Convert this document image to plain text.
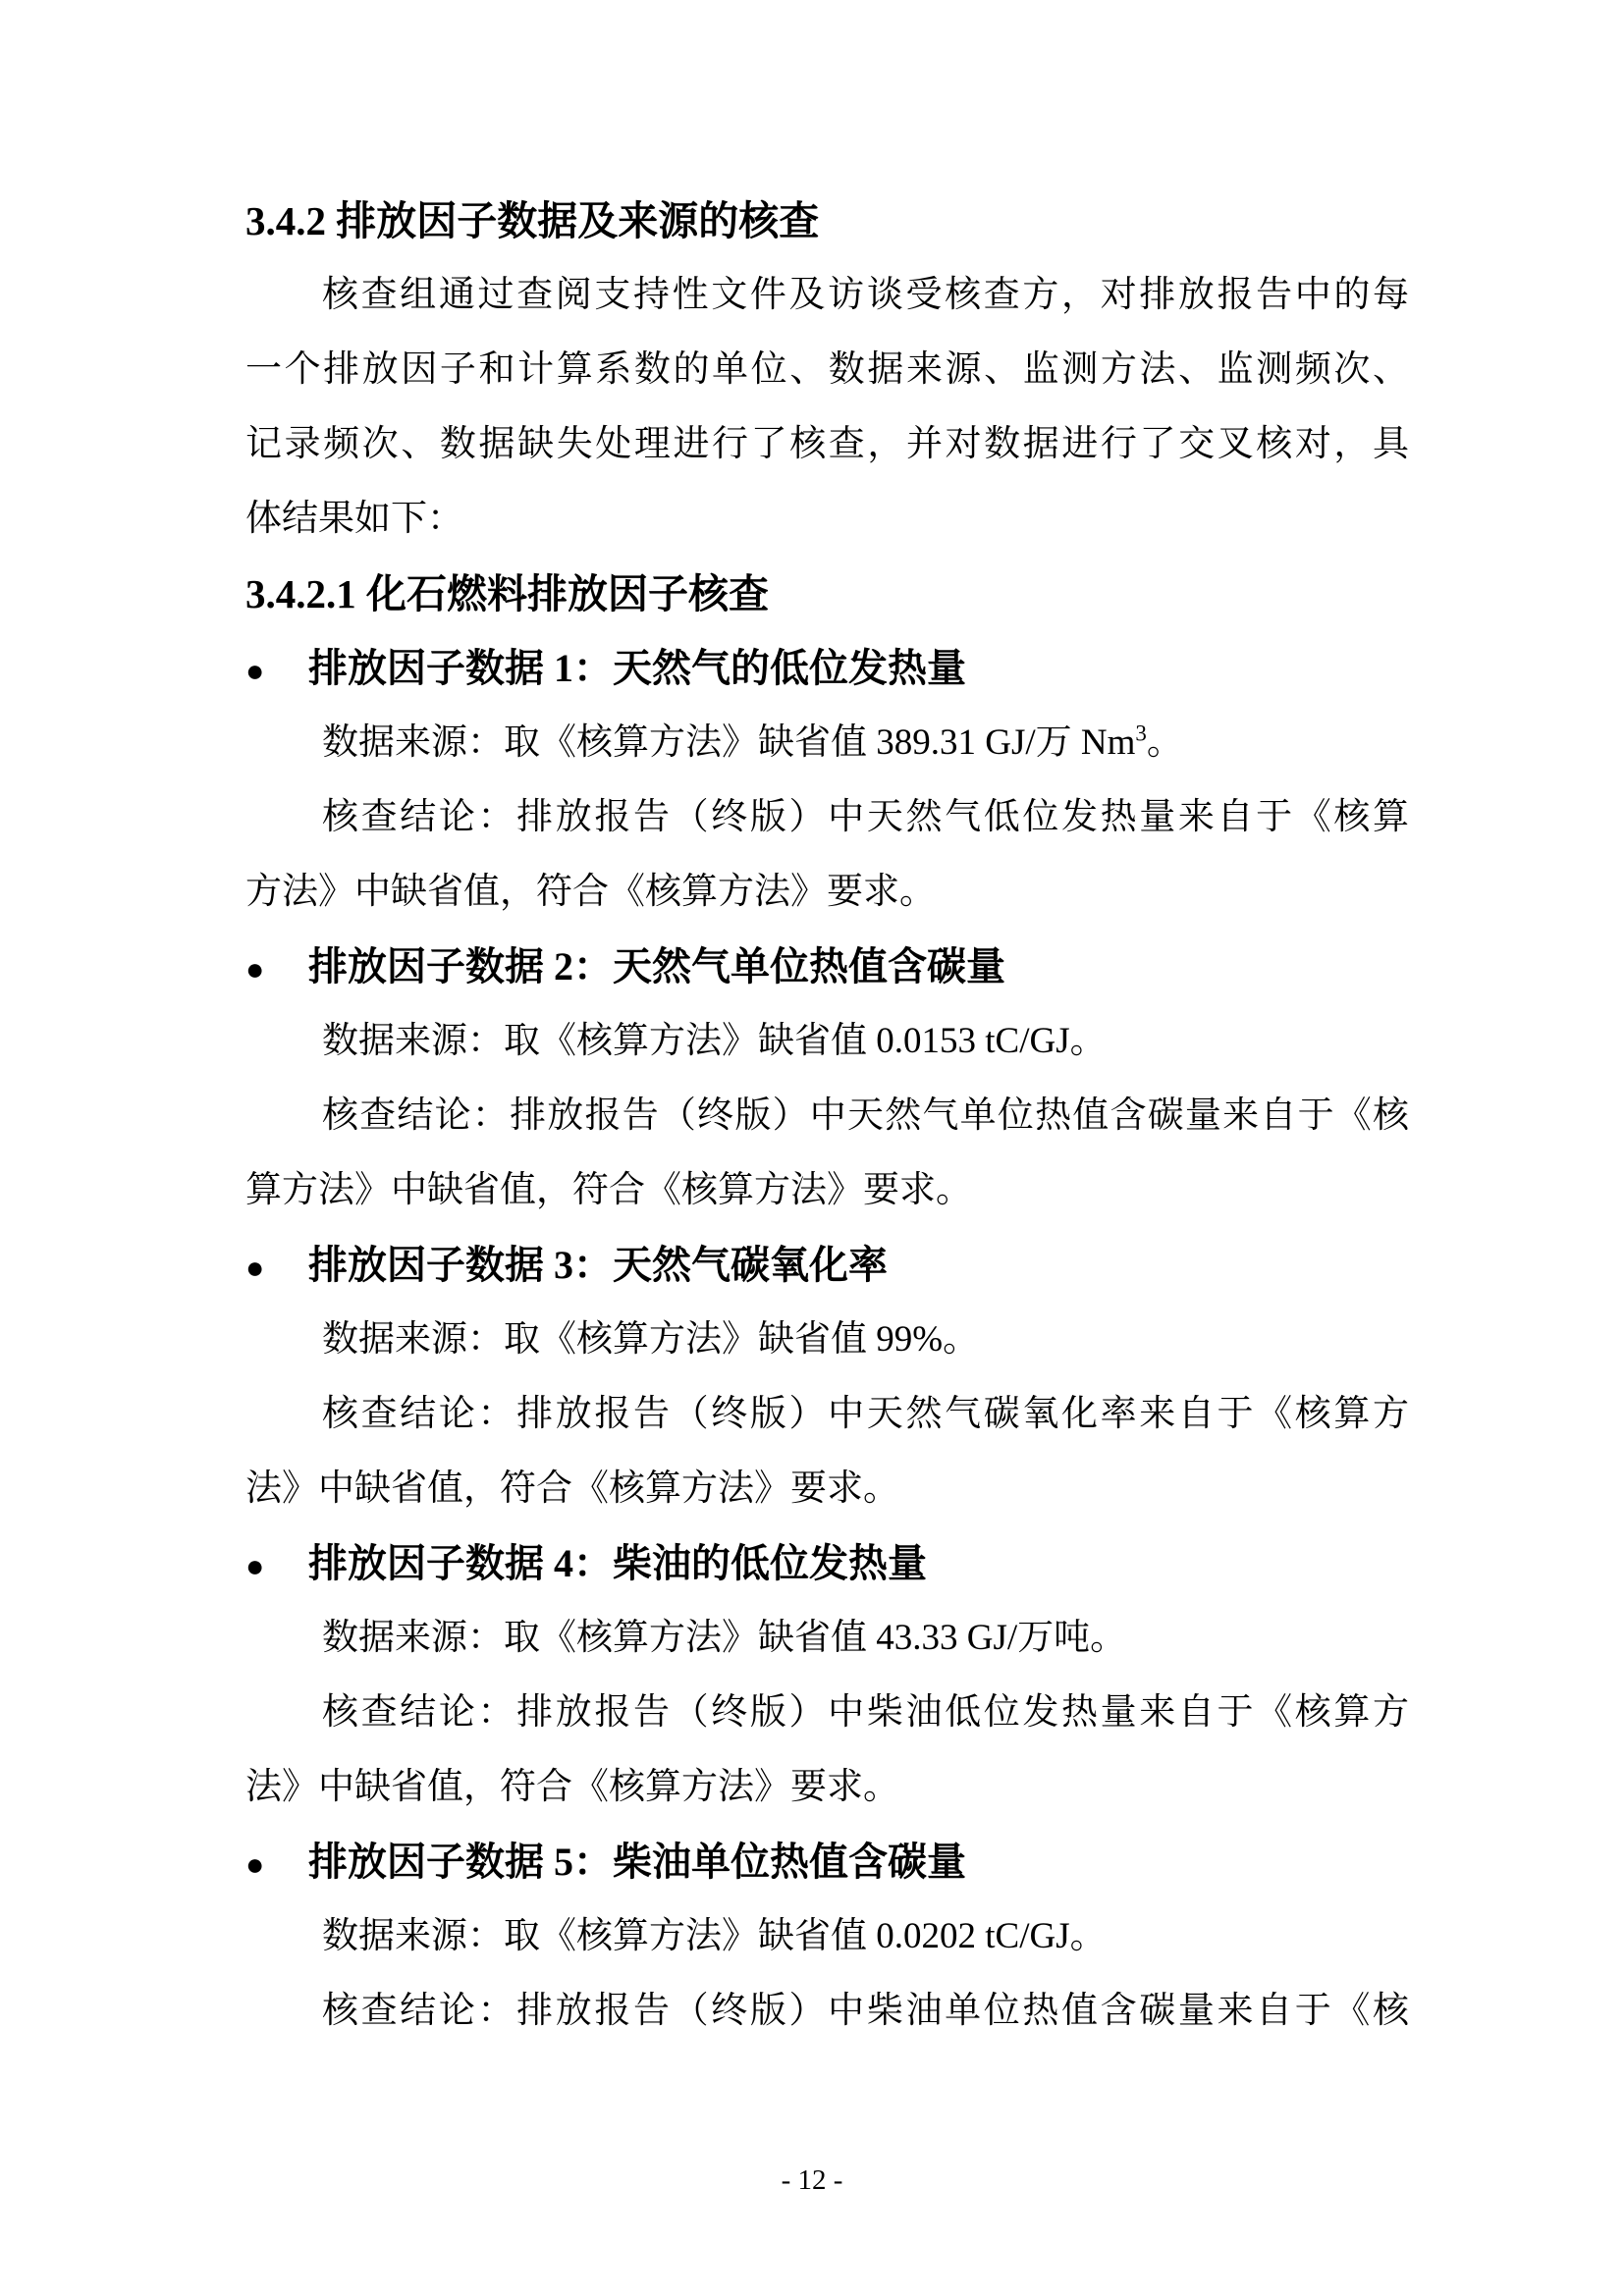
3.4.2 排放因子数据及来源的核查
核查组通过查阅支持性文件及访谈受核查方，对排放报告中的每
一个排放因子和计算系数的单位、数据来源、监测方法、监测频次、
记录频次、数据缺失处理进行了核查，并对数据进行了交叉核对，具
体结果如下：
3.4.2.1 化石燃料排放因子核查
● 排放因子数据 1：天然气的低位发热量
数据来源：取《核算方法》缺省值 389.31 GJ/万 Nm$^3$。
核查结论：排放报告（终版）中天然气低位发热量来自于《核算
方法》中缺省值，符合《核算方法》要求。
● 排放因子数据 2：天然气单位热值含碳量
数据来源：取《核算方法》缺省值 0.0153 tC/GJ。
核查结论：排放报告（终版）中天然气单位热值含碳量来自于《核
算方法》中缺省值，符合《核算方法》要求。
● 排放因子数据 3：天然气碳氧化率
数据来源：取《核算方法》缺省值 99%。
核查结论：排放报告（终版）中天然气碳氧化率来自于《核算方
法》中缺省值，符合《核算方法》要求。
● 排放因子数据 4：柴油的低位发热量
数据来源：取《核算方法》缺省值 43.33 GJ/万吨。
核查结论：排放报告（终版）中柴油低位发热量来自于《核算方
法》中缺省值，符合《核算方法》要求。
● 排放因子数据 5：柴油单位热值含碳量
数据来源：取《核算方法》缺省值 0.0202 tC/GJ。
核查结论：排放报告（终版）中柴油单位热值含碳量来自于《核
- 12 -
